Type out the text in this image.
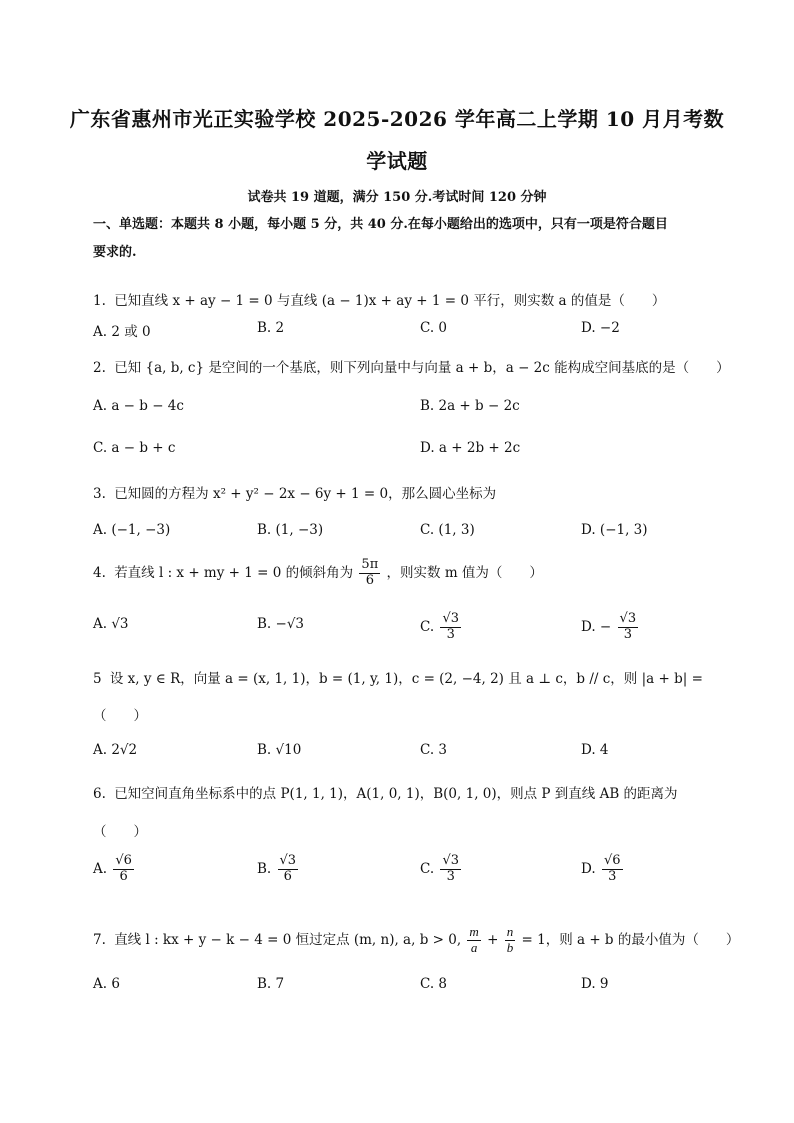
广东省惠州市光正实验学校 2025-2026 学年高二上学期 10 月月考数
学试题
试卷共 19 道题，满分 150 分.考试时间 120 分钟
一、单选题：本题共 8 小题，每小题 5 分，共 40 分.在每小题给出的选项中，只有一项是符合题目
要求的.
1. 已知直线 x + ay − 1 = 0 与直线 (a − 1)x + ay + 1 = 0 平行，则实数 a 的值是（　　）
A. 2 或 0	B. 2	C. 0	D. −2
2. 已知 {a, b, c} 是空间的一个基底，则下列向量中与向量 a + b，a − 2c 能构成空间基底的是（　　）
A. a − b − 4c	B. 2a + b − 2c
C. a − b + c	D. a + 2b + 2c
3. 已知圆的方程为 x² + y² − 2x − 6y + 1 = 0，那么圆心坐标为
A. (−1, −3)	B. (1, −3)	C. (1, 3)	D. (−1, 3)
4. 若直线 l : x + my + 1 = 0 的倾斜角为 $\frac{5\pi}{6}$ ，则实数 m 值为（　　）
A. √3	B. −√3	C. $\frac{√3}{3}$	D. − $\frac{√3}{3}$
5 设 x, y ∈ R，向量 a = (x, 1, 1)，b = (1, y, 1)，c = (2, −4, 2) 且 a ⊥ c，b // c，则 |a + b| =
（　　）
A. 2√2	B. √10	C. 3	D. 4
6. 已知空间直角坐标系中的点 P(1, 1, 1)，A(1, 0, 1)，B(0, 1, 0)，则点 P 到直线 AB 的距离为
（　　）
A. $\frac{√6}{6}$	B. $\frac{√3}{6}$	C. $\frac{√3}{3}$	D. $\frac{√6}{3}$
7. 直线 l : kx + y − k − 4 = 0 恒过定点 (m, n), a, b > 0, $\frac{m}{a} + \frac{n}{b} = 1$，则 a + b 的最小值为（　　）
A. 6	B. 7	C. 8	D. 9
